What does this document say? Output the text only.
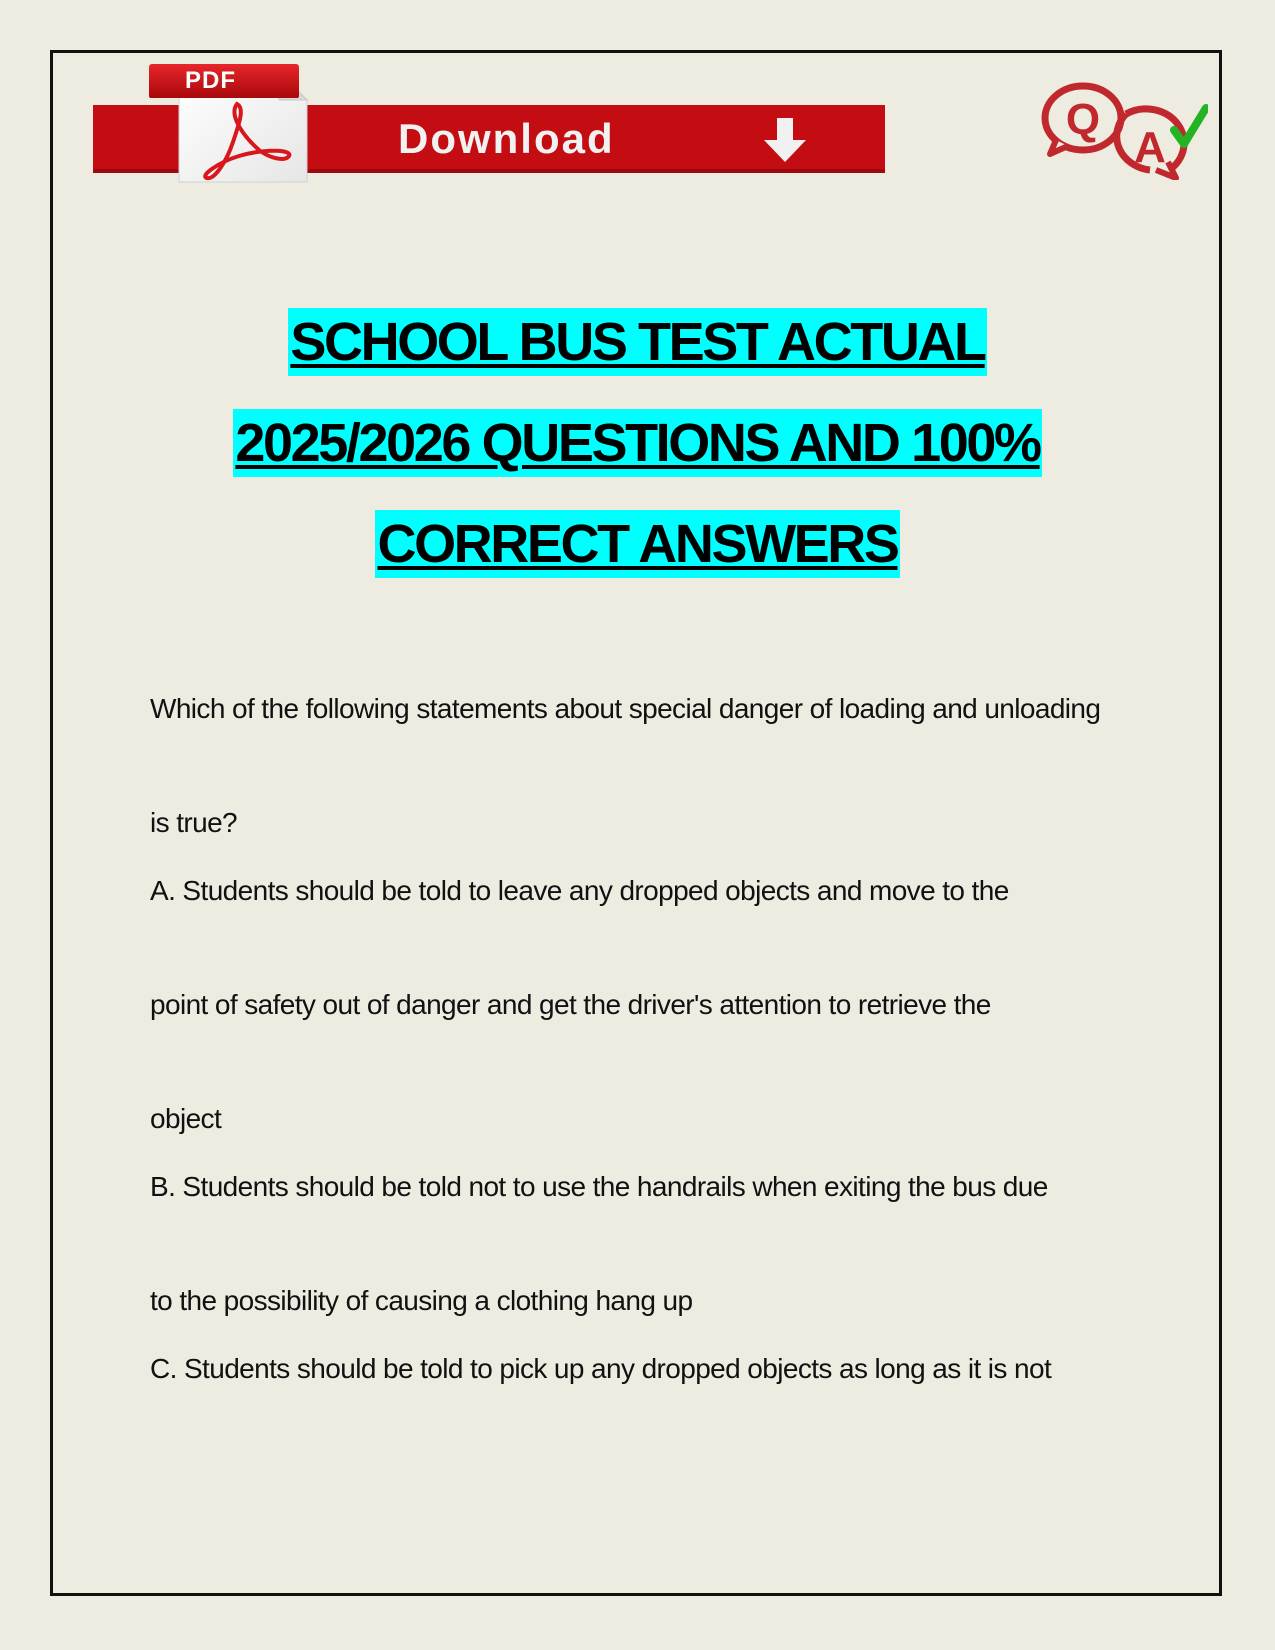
PDF
Download	Q
A
SCHOOL BUS TEST ACTUAL
2025/2026 QUESTIONS AND 100%
CORRECT ANSWERS

Which of the following statements about special danger of loading and unloading

is true?

A. Students should be told to leave any dropped objects and move to the

point of safety out of danger and get the driver's attention to retrieve the

object

B. Students should be told not to use the handrails when exiting the bus due

to the possibility of causing a clothing hang up

C. Students should be told to pick up any dropped objects as long as it is not
